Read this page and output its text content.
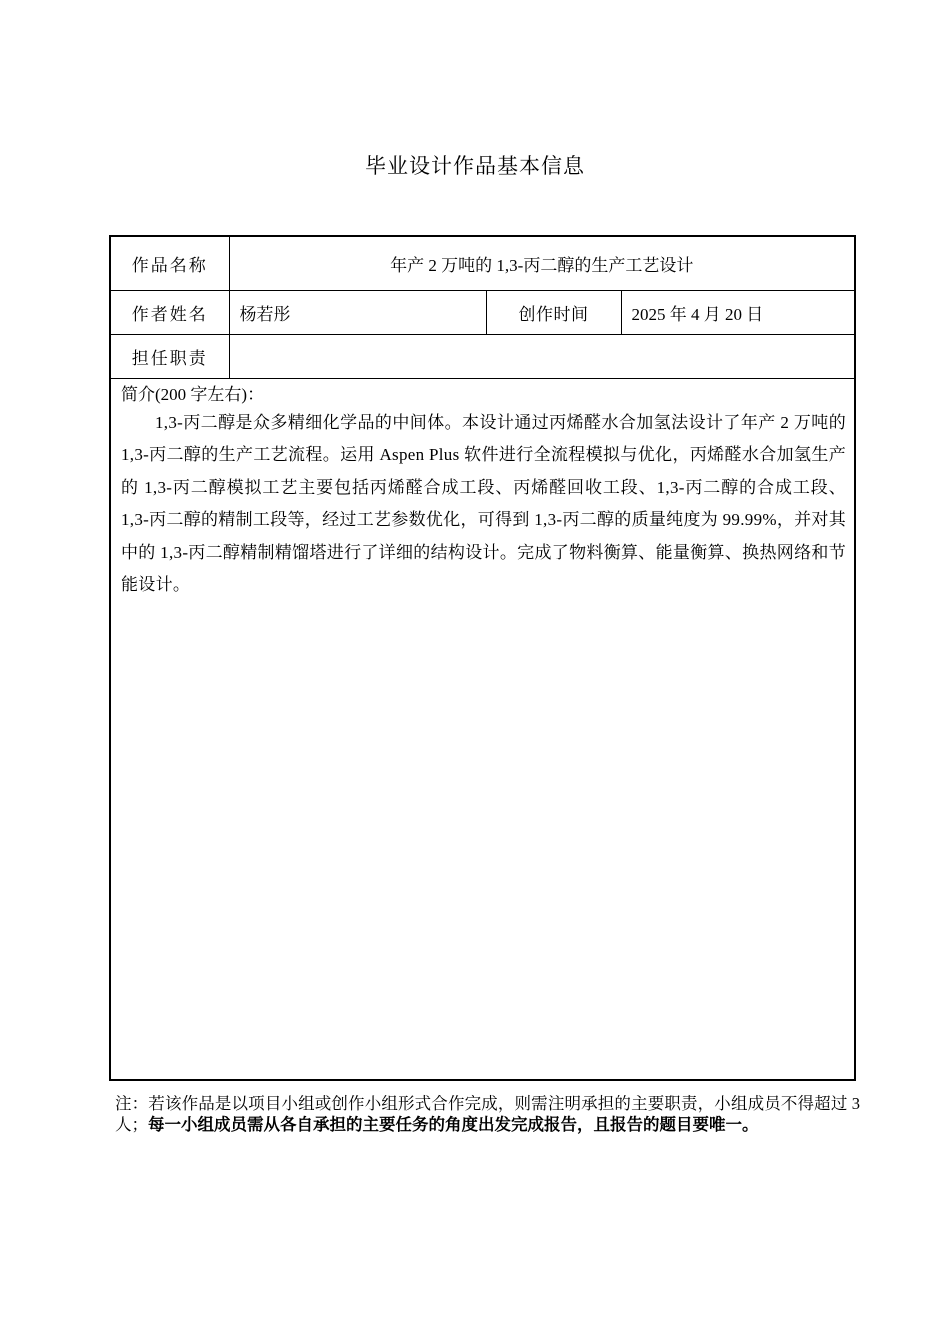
毕业设计作品基本信息
作品名称	年产 2 万吨的 1,3-丙二醇的生产工艺设计		
作者姓名	杨若彤	创作时间	2025 年 4 月 20 日
担任职责			

简介(200 字左右)：

1,3-丙二醇是众多精细化学品的中间体。本设计通过丙烯醛水合加氢法设计了年产 2 万吨的 1,3-丙二醇的生产工艺流程。运用 Aspen Plus 软件进行全流程模拟与优化，丙烯醛水合加氢生产的 1,3-丙二醇模拟工艺主要包括丙烯醛合成工段、丙烯醛回收工段、1,3-丙二醇的合成工段、1,3-丙二醇的精制工段等，经过工艺参数优化，可得到 1,3-丙二醇的质量纯度为 99.99%，并对其中的 1,3-丙二醇精制精馏塔进行了详细的结构设计。完成了物料衡算、能量衡算、换热网络和节能设计。			

注：若该作品是以项目小组或创作小组形式合作完成，则需注明承担的主要职责，小组成员不得超过 3 人；每一小组成员需从各自承担的主要任务的角度出发完成报告，且报告的题目要唯一。
